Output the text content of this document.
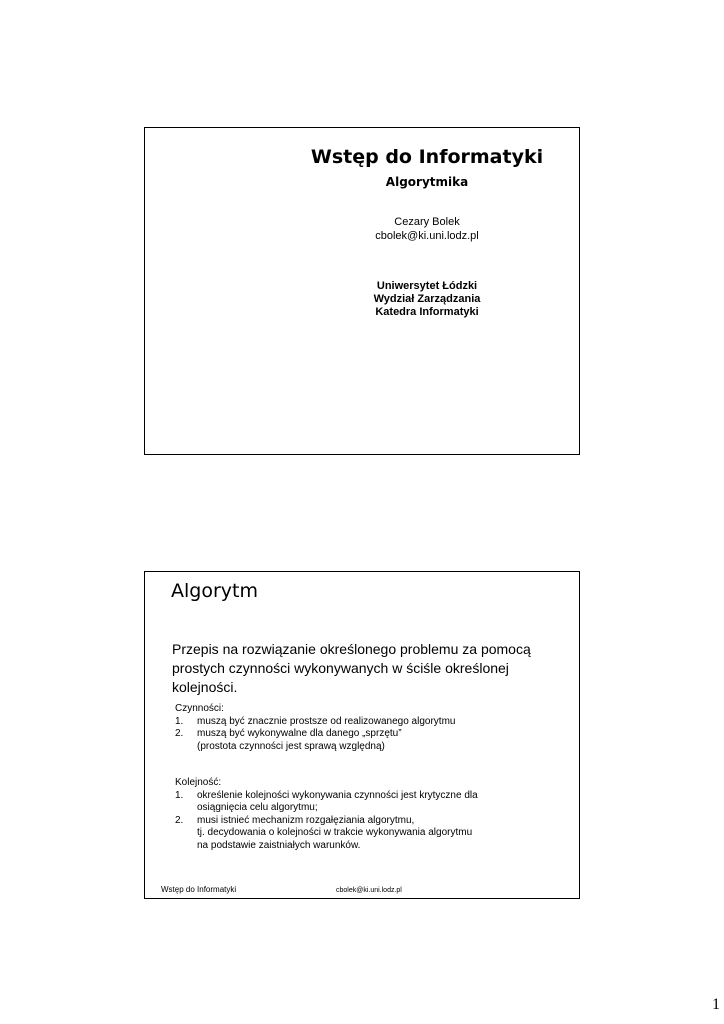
Wstęp do Informatyki
Algorytmika
Cezary Bolek
cbolek@ki.uni.lodz.pl
Uniwersytet Łódzki
Wydział Zarządzania
Katedra Informatyki
Algorytm
Przepis na rozwiązanie określonego problemu za pomocą prostych czynności wykonywanych w ściśle określonej kolejności.
Czynności:
1. muszą być znacznie prostsze od realizowanego algorytmu
2. muszą być wykonywalne dla danego „sprzętu”
(prostota czynności jest sprawą względną)
Kolejność:
1. określenie kolejności wykonywania czynności jest krytyczne dla
osiągnięcia celu algorytmu;
2. musi istnieć mechanizm rozgałęziania algorytmu,
tj. decydowania o kolejności w trakcie wykonywania algorytmu
na podstawie zaistniałych warunków.
Wstęp do Informatyki	cbolek@ki.uni.lodz.pl
1
